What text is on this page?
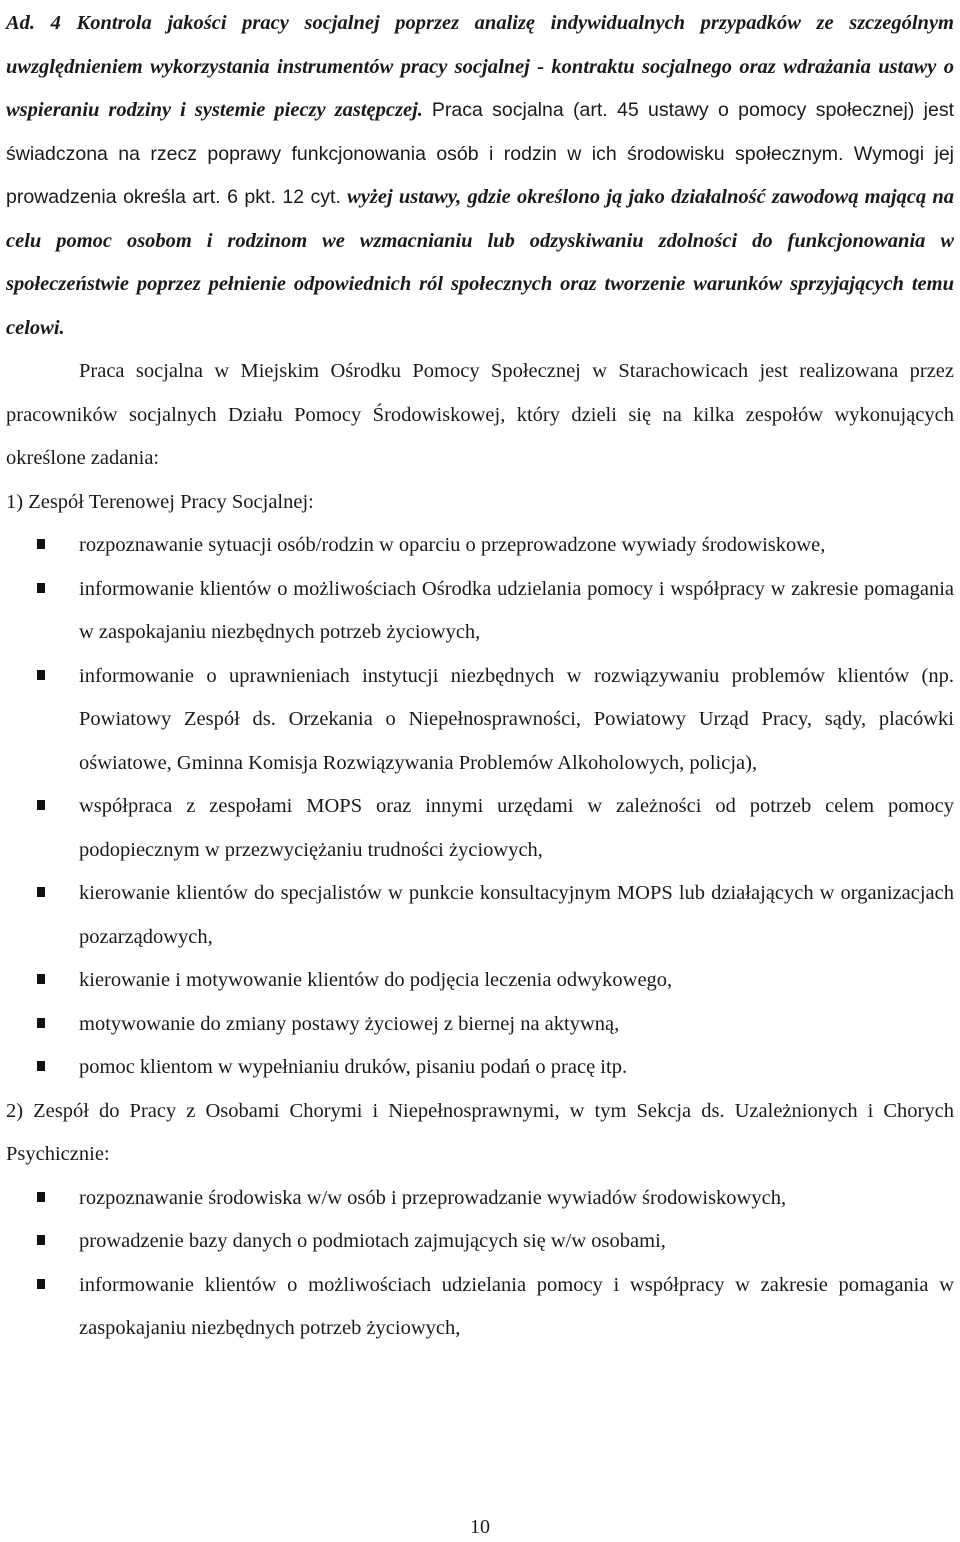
Ad. 4 Kontrola jakości pracy socjalnej poprzez analizę indywidualnych przypadków ze szczególnym uwzględnieniem wykorzystania instrumentów pracy socjalnej - kontraktu socjalnego oraz wdrażania ustawy o wspieraniu rodziny i systemie pieczy zastępczej. Praca socjalna (art. 45 ustawy o pomocy społecznej) jest świadczona na rzecz poprawy funkcjonowania osób i rodzin w ich środowisku społecznym. Wymogi jej prowadzenia określa art. 6 pkt. 12 cyt. wyżej ustawy, gdzie określono ją jako działalność zawodową mającą na celu pomoc osobom i rodzinom we wzmacnianiu lub odzyskiwaniu zdolności do funkcjonowania w społeczeństwie poprzez pełnienie odpowiednich ról społecznych oraz tworzenie warunków sprzyjających temu celowi.

Praca socjalna w Miejskim Ośrodku Pomocy Społecznej w Starachowicach jest realizowana przez pracowników socjalnych Działu Pomocy Środowiskowej, który dzieli się na kilka zespołów wykonujących określone zadania:

1) Zespół Terenowej Pracy Socjalnej:

rozpoznawanie sytuacji osób/rodzin w oparciu o przeprowadzone wywiady środowiskowe,
informowanie klientów o możliwościach Ośrodka udzielania pomocy i współpracy w zakresie pomagania w zaspokajaniu niezbędnych potrzeb życiowych,
informowanie o uprawnieniach instytucji niezbędnych w rozwiązywaniu problemów klientów (np. Powiatowy Zespół ds. Orzekania o Niepełnosprawności, Powiatowy Urząd Pracy, sądy, placówki oświatowe, Gminna Komisja Rozwiązywania Problemów Alkoholowych, policja),
współpraca z zespołami MOPS oraz innymi urzędami w zależności od potrzeb celem pomocy podopiecznym w przezwyciężaniu trudności życiowych,
kierowanie klientów do specjalistów w punkcie konsultacyjnym MOPS lub działających w organizacjach pozarządowych,
kierowanie i motywowanie klientów do podjęcia leczenia odwykowego,
motywowanie do zmiany postawy życiowej z biernej na aktywną,
pomoc klientom w wypełnianiu druków, pisaniu podań o pracę itp.

2) Zespół do Pracy z Osobami Chorymi i Niepełnosprawnymi, w tym Sekcja ds. Uzależnionych i Chorych Psychicznie:

rozpoznawanie środowiska w/w osób i przeprowadzanie wywiadów środowiskowych,
prowadzenie bazy danych o podmiotach zajmujących się w/w osobami,
informowanie klientów o możliwościach udzielania pomocy i współpracy w zakresie pomagania w zaspokajaniu niezbędnych potrzeb życiowych,
10
